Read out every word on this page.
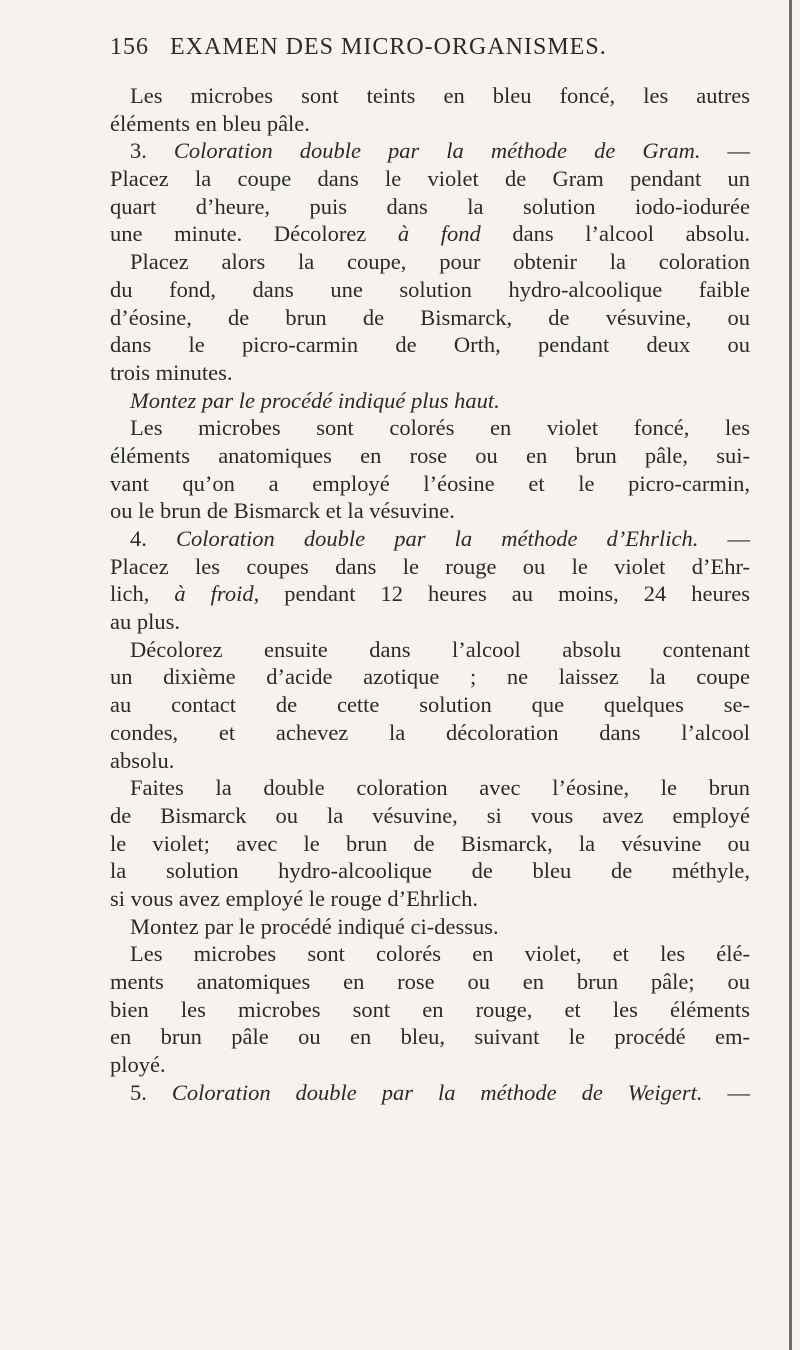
156 EXAMEN DES MICRO-ORGANISMES.
Les microbes sont teints en bleu foncé, les autres
éléments en bleu pâle.
3. Coloration double par la méthode de Gram. —
Placez la coupe dans le violet de Gram pendant un
quart d’heure, puis dans la solution iodo-iodurée
une minute. Décolorez à fond dans l’alcool absolu.
Placez alors la coupe, pour obtenir la coloration
du fond, dans une solution hydro-alcoolique faible
d’éosine, de brun de Bismarck, de vésuvine, ou
dans le picro-carmin de Orth, pendant deux ou
trois minutes.
Montez par le procédé indiqué plus haut.
Les microbes sont colorés en violet foncé, les
éléments anatomiques en rose ou en brun pâle, sui-
vant qu’on a employé l’éosine et le picro-carmin,
ou le brun de Bismarck et la vésuvine.
4. Coloration double par la méthode d’Ehrlich. —
Placez les coupes dans le rouge ou le violet d’Ehr-
lich, à froid, pendant 12 heures au moins, 24 heures
au plus.
Décolorez ensuite dans l’alcool absolu contenant
un dixième d’acide azotique ; ne laissez la coupe
au contact de cette solution que quelques se-
condes, et achevez la décoloration dans l’alcool
absolu.
Faites la double coloration avec l’éosine, le brun
de Bismarck ou la vésuvine, si vous avez employé
le violet; avec le brun de Bismarck, la vésuvine ou
la solution hydro-alcoolique de bleu de méthyle,
si vous avez employé le rouge d’Ehrlich.
Montez par le procédé indiqué ci-dessus.
Les microbes sont colorés en violet, et les élé-
ments anatomiques en rose ou en brun pâle; ou
bien les microbes sont en rouge, et les éléments
en brun pâle ou en bleu, suivant le procédé em-
ployé.
5. Coloration double par la méthode de Weigert. —
